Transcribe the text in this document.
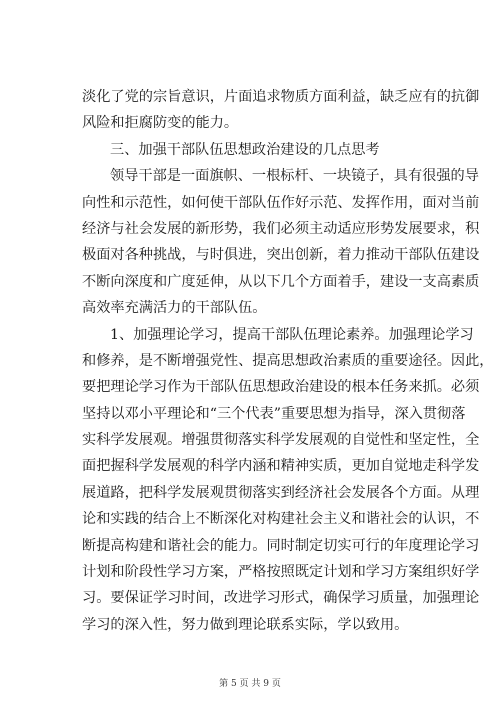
淡化了党的宗旨意识，片面追求物质方面利益，缺乏应有的抗御
风险和拒腐防变的能力。
三、加强干部队伍思想政治建设的几点思考
领导干部是一面旗帜、一根标杆、一块镜子，具有很强的导
向性和示范性，如何使干部队伍作好示范、发挥作用，面对当前
经济与社会发展的新形势，我们必须主动适应形势发展要求，积
极面对各种挑战，与时俱进，突出创新，着力推动干部队伍建设
不断向深度和广度延伸，从以下几个方面着手，建设一支高素质
高效率充满活力的干部队伍。
1、加强理论学习，提高干部队伍理论素养。加强理论学习
和修养，是不断增强党性、提高思想政治素质的重要途径。因此，
要把理论学习作为干部队伍思想政治建设的根本任务来抓。必须
坚持以邓小平理论和“三个代表”重要思想为指导，深入贯彻落
实科学发展观。增强贯彻落实科学发展观的自觉性和坚定性，全
面把握科学发展观的科学内涵和精神实质，更加自觉地走科学发
展道路，把科学发展观贯彻落实到经济社会发展各个方面。从理
论和实践的结合上不断深化对构建社会主义和谐社会的认识，不
断提高构建和谐社会的能力。同时制定切实可行的年度理论学习
计划和阶段性学习方案，严格按照既定计划和学习方案组织好学
习。要保证学习时间，改进学习形式，确保学习质量，加强理论
学习的深入性，努力做到理论联系实际，学以致用。
第 5 页 共 9 页
